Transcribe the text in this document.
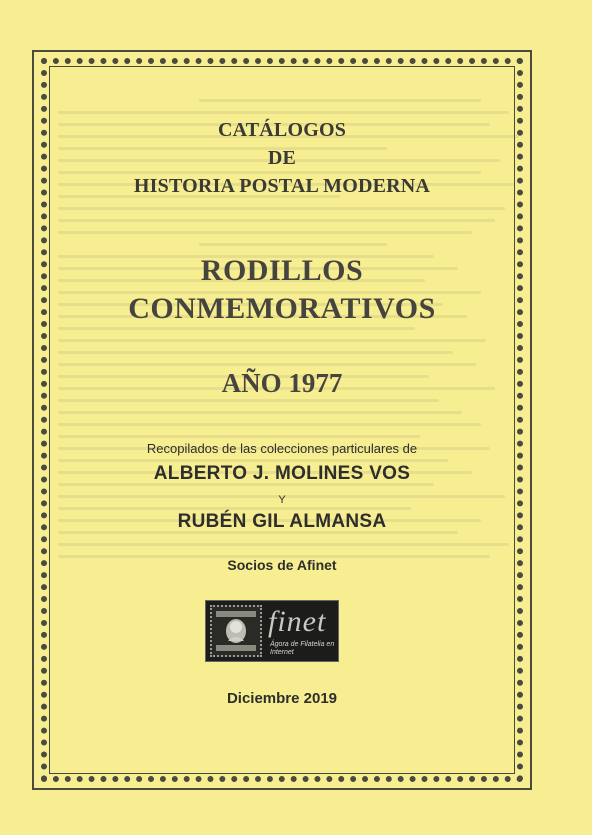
CATÁLOGOS
DE
HISTORIA POSTAL MODERNA
RODILLOS
CONMEMORATIVOS
AÑO 1977
Recopilados de las colecciones particulares de
ALBERTO J. MOLINES VOS
Y
RUBÉN GIL ALMANSA
Socios de Afinet
finet
Ágora de Filatelia en Internet
Diciembre 2019
